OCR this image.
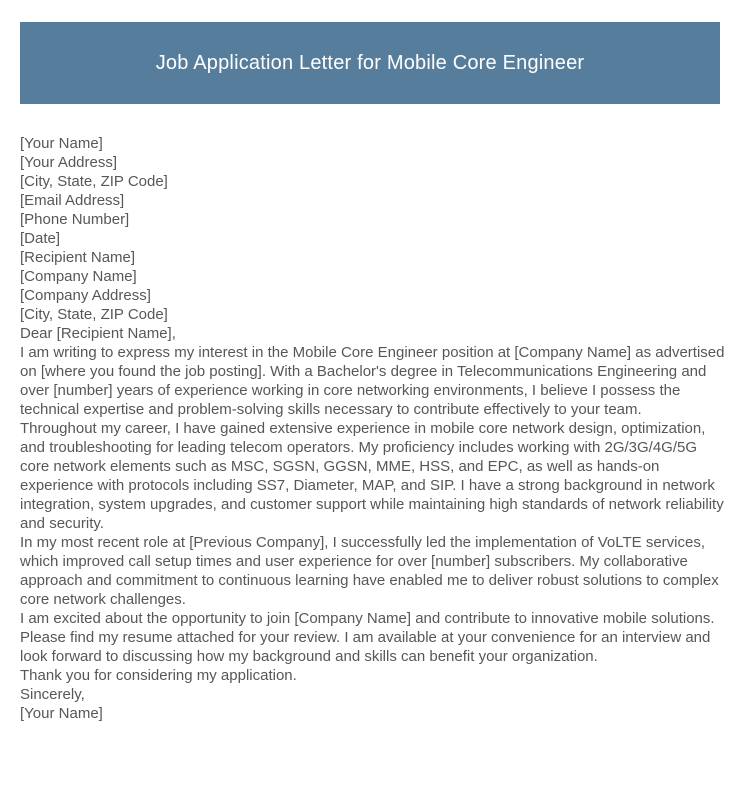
Job Application Letter for Mobile Core Engineer
[Your Name]
[Your Address]
[City, State, ZIP Code]
[Email Address]
[Phone Number]
[Date]
[Recipient Name]
[Company Name]
[Company Address]
[City, State, ZIP Code]
Dear [Recipient Name],

I am writing to express my interest in the Mobile Core Engineer position at [Company Name] as advertised on [where you found the job posting]. With a Bachelor's degree in Telecommunications Engineering and over [number] years of experience working in core networking environments, I believe I possess the technical expertise and problem-solving skills necessary to contribute effectively to your team.

Throughout my career, I have gained extensive experience in mobile core network design, optimization, and troubleshooting for leading telecom operators. My proficiency includes working with 2G/3G/4G/5G core network elements such as MSC, SGSN, GGSN, MME, HSS, and EPC, as well as hands-on experience with protocols including SS7, Diameter, MAP, and SIP. I have a strong background in network integration, system upgrades, and customer support while maintaining high standards of network reliability and security.

In my most recent role at [Previous Company], I successfully led the implementation of VoLTE services, which improved call setup times and user experience for over [number] subscribers. My collaborative approach and commitment to continuous learning have enabled me to deliver robust solutions to complex core network challenges.

I am excited about the opportunity to join [Company Name] and contribute to innovative mobile solutions. Please find my resume attached for your review. I am available at your convenience for an interview and look forward to discussing how my background and skills can benefit your organization.

Thank you for considering my application.
Sincerely,
[Your Name]
